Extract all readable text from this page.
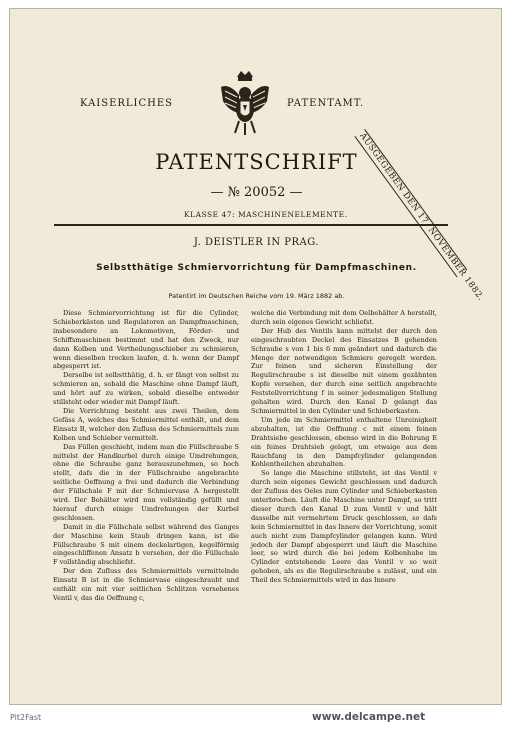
KAISERLICHES	PATENTAMT.
AUSGEGEBEN DEN 17. NOVEMBER 1882.
PATENTSCHRIFT
— № 20052 —
KLASSE 47: MASCHINENELEMENTE.
J. DEISTLER IN PRAG.
Selbstthätige Schmiervorrichtung für Dampfmaschinen.
Patentirt im Deutschen Reiche vom 19. März 1882 ab.

Diese Schmiervorrichtung ist für die Cylinder, Schieberkästen und Regulatoren an Dampfmaschinen, insbesondere an Lokomotiven, Förder- und Schiffsmaschinen bestimmt und hat den Zweck, nur dann Kolben und Vertheilungsschieber zu schmieren, wenn dieselben trocken laufen, d. h. wenn der Dampf abgesperrt ist.

Derselbe ist selbstthätig, d. h. er fängt von selbst zu schmieren an, sobald die Maschine ohne Dampf läuft, und hört auf zu wirken, sobald dieselbe entweder stillsteht oder wieder mit Dampf läuft.

Die Vorrichtung besteht aus zwei Theilen, dem Gefäss A, welches das Schmiermittel enthält, und dem Einsatz B, welcher den Zufluss des Schmiermittels zum Kolben und Schieber vermittelt.

Das Füllen geschieht, indem man die Füllschraube S mittelst der Handkurbel durch einige Umdrehungen, ohne die Schraube ganz herauszunehmen, so hoch stellt, dafs die in der Füllschraube angebrachte seitliche Oeffnung a frei und dadurch die Verbindung der Füllschale F mit der Schmiervase A hergestellt wird. Der Behälter wird nun vollständig gefüllt und hierauf durch einige Umdrehungen der Kurbel geschlossen.

Damit in die Füllschale selbst während des Ganges der Maschine kein Staub dringen kann, ist die Füllschraube S mit einem deckelartigen, kegelförmig eingeschliffenen Ansatz b versehen, der die Füllschale F vollständig abschliefst.

Der den Zufluss des Schmiermittels vermittelnde Einsatz B ist in die Schmiervase eingeschraubt und enthält ein mit vier seitlichen Schlitzen versehenes Ventil v, das die Oeffnung c,

welche die Verbindung mit dem Oelbehälter A herstellt, durch sein eigenes Gewicht schliefst.

Der Hub des Ventils kann mittelst der durch den eingeschraubten Deckel des Einsatzes B gehenden Schraube s von 1 bis 6 mm geändert und dadurch die Menge der notwendigen Schmiere geregelt werden. Zur feinen und sicheren Einstellung der Regulirschraube s ist dieselbe mit einem gezähnten Kopfe versehen, der durch eine seitlich angebrachte Feststellvorrichtung f in seiner jedesmaligen Stellung gehalten wird. Durch den Kanal D gelangt das Schmiermittel in den Cylinder und Schieberkasten.

Um jede im Schmiermittel enthaltene Unreinigkeit abzuhalten, ist die Oeffnung c mit einem feinen Drahtsiebe geschlossen, ebenso wird in die Bohrung E ein feines Drahtsieb gelegt, um etwaige aus dem Rauchfang in den Dampfcylinder gelangenden Kohlentheilchen abzuhalten.

So lange die Maschine stillsteht, ist das Ventil v durch sein eigenes Gewicht geschlossen und dadurch der Zufluss des Oeles zum Cylinder und Schieberkasten unterbrochen. Läuft die Maschine unter Dampf, so tritt dieser durch den Kanal D zum Ventil v und hält dasselbe mit vermehrtem Druck geschlossen, so dafs kein Schmiermittel in das Innere der Vorrichtung, somit auch nicht zum Dampfcylinder gelangen kann. Wird jedoch der Dampf abgesperrt und läuft die Maschine leer, so wird durch die bei jedem Kolbenhube im Cylinder entstehende Leere das Ventil v so weit gehoben, als es die Regulirschraube s zulässt, und ein Theil des Schmiermittels wird in das Innere

Pit2Fast	www.delcampe.net
